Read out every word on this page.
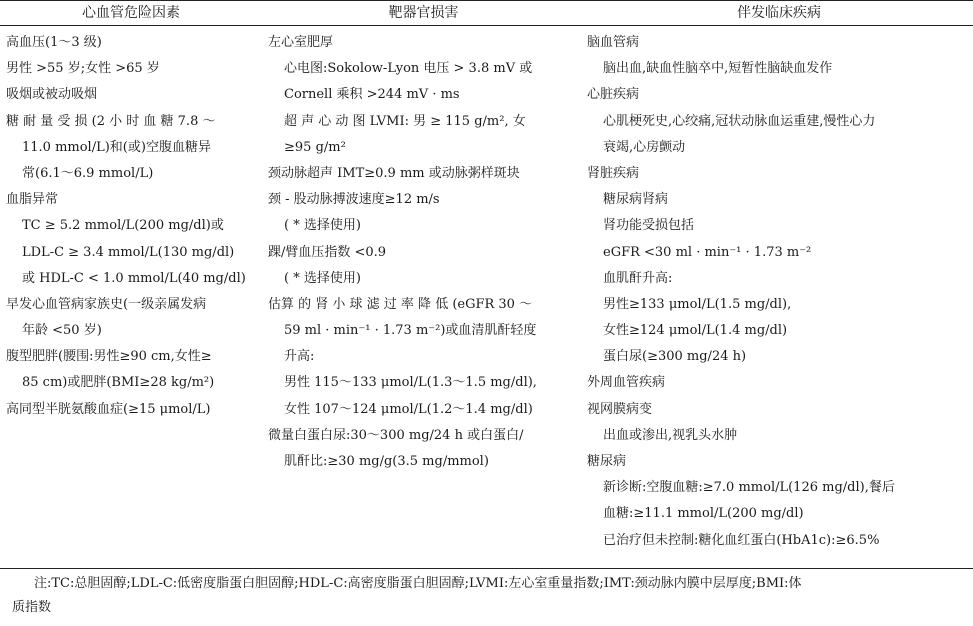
心血管危险因素	靶器官损害	伴发临床疾病
高血压(1～3 级)
男性 >55 岁;女性 >65 岁
吸烟或被动吸烟
糖 耐 量 受 损 (2 小 时 血 糖 7.8 ～
11.0 mmol/L)和(或)空腹血糖异
常(6.1～6.9 mmol/L)
血脂异常
TC ≥ 5.2 mmol/L(200 mg/dl)或
LDL-C ≥ 3.4 mmol/L(130 mg/dl)
或 HDL-C < 1.0 mmol/L(40 mg/dl)
早发心血管病家族史(一级亲属发病
年龄 <50 岁)
腹型肥胖(腰围:男性≥90 cm,女性≥
85 cm)或肥胖(BMI≥28 kg/m²)
高同型半胱氨酸血症(≥15 μmol/L)
左心室肥厚
心电图:Sokolow-Lyon 电压 > 3.8 mV 或
Cornell 乘积 >244 mV · ms
超 声 心 动 图 LVMI: 男 ≥ 115 g/m², 女
≥95 g/m²
颈动脉超声 IMT≥0.9 mm 或动脉粥样斑块
颈 - 股动脉搏波速度≥12 m/s
( * 选择使用)
踝/臂血压指数 <0.9
( * 选择使用)
估算 的 肾 小 球 滤 过 率 降 低 (eGFR 30 ～
59 ml · min⁻¹ · 1.73 m⁻²)或血清肌酐轻度
升高:
男性 115～133 μmol/L(1.3～1.5 mg/dl),
女性 107～124 μmol/L(1.2～1.4 mg/dl)
微量白蛋白尿:30～300 mg/24 h 或白蛋白/
肌酐比:≥30 mg/g(3.5 mg/mmol)
脑血管病
脑出血,缺血性脑卒中,短暂性脑缺血发作
心脏疾病
心肌梗死史,心绞痛,冠状动脉血运重建,慢性心力
衰竭,心房颤动
肾脏疾病
糖尿病肾病
肾功能受损包括
eGFR <30 ml · min⁻¹ · 1.73 m⁻²
血肌酐升高:
男性≥133 μmol/L(1.5 mg/dl),
女性≥124 μmol/L(1.4 mg/dl)
蛋白尿(≥300 mg/24 h)
外周血管疾病
视网膜病变
出血或渗出,视乳头水肿
糖尿病
新诊断:空腹血糖:≥7.0 mmol/L(126 mg/dl),餐后
血糖:≥11.1 mmol/L(200 mg/dl)
已治疗但未控制:糖化血红蛋白(HbA1c):≥6.5%
注:TC:总胆固醇;LDL-C:低密度脂蛋白胆固醇;HDL-C:高密度脂蛋白胆固醇;LVMI:左心室重量指数;IMT:颈动脉内膜中层厚度;BMI:体
质指数
